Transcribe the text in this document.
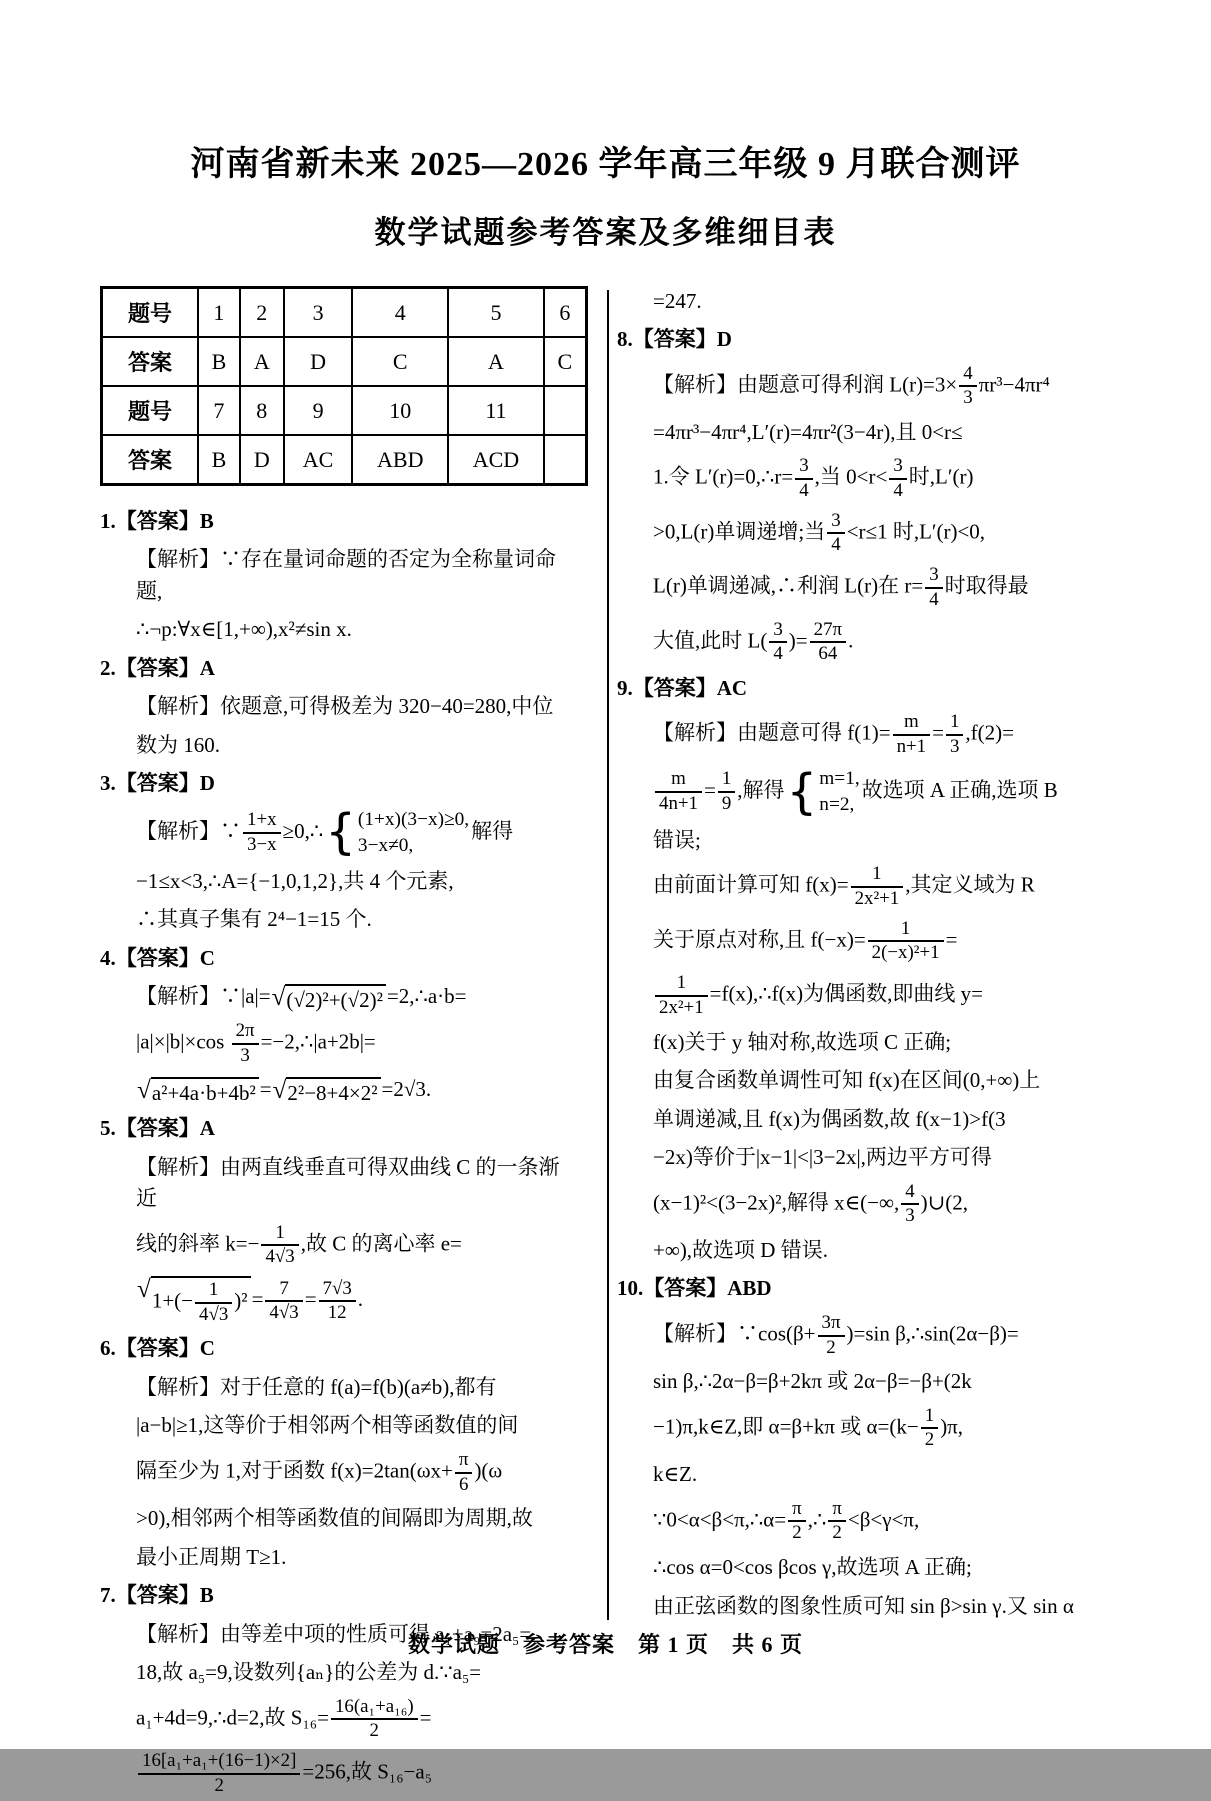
河南省新未来 2025—2026 学年高三年级 9 月联合测评
数学试题参考答案及多维细目表
题号	1	2	3	4	5	6
答案	B	A	D	C	A	C
题号	7	8	9	10	11	
答案	B	D	AC	ABD	ACD	
1.【答案】B
【解析】∵存在量词命题的否定为全称量词命题,
∴¬p:∀x∈[1,+∞),x²≠sin x.
2.【答案】A
【解析】依题意,可得极差为 320−40=280,中位
数为 160.
3.【答案】D
【解析】∵ $\frac{1+x}{3-x}$ ≥0,∴ { (1+x)(3−x)≥0,
3−x≠0,
解得
−1≤x<3,∴A={−1,0,1,2},共 4 个元素,
∴其真子集有 2⁴−1=15 个.
4.【答案】C
【解析】∵|a|= √ (√2)²+(√2)² =2,∴a·b=
$|a|\times|b|\times\cos \frac{2\pi}{3}$ =−2,∴|a+2b|=
√ a²+4a·b+4b² = √ 2²−8+4×2² =2√3.
5.【答案】A
【解析】由两直线垂直可得双曲线 C 的一条渐近
线的斜率 $k=- \frac{1}{4√3}$ ,故 C 的离心率 e=
√ $1+(- \frac{1}{4√3} )^2 = \frac{7}{4√3} = \frac{7√3}{12}$ .
6.【答案】C
【解析】对于任意的 f(a)=f(b)(a≠b),都有
|a−b|≥1,这等价于相邻两个相等函数值的间
隔至少为 1,对于函数 $f(x)=2\tan(\omega x+ \frac{\pi}{6} )(\omega$
>0),相邻两个相等函数值的间隔即为周期,故
最小正周期 T≥1.
7.【答案】B
【解析】由等差中项的性质可得 a₁+a₉=2a₅=
18,故 a₅=9,设数列{aₙ}的公差为 d.∵a₅=
a₁+4d=9,∴d=2,故 $S_{16}= \frac{\text{16(a₁+a₁₆)}}{2}$ =
$\frac{\text{16[a₁+a₁+(16−1)×2]}}{2} =256$,故 S₁₆−a₅
=247.
8.【答案】D
【解析】由题意可得利润 $L(r)=3\times \frac{4}{3} \pi r^3-4\pi r^4$
=4πr³−4πr⁴,L′(r)=4πr²(3−4r),且 0<r≤
1.令 L′(r)=0,∴r= $\frac{3}{4}$ ,当 $0<r< \frac{3}{4}$ 时,L′(r)
>0,L(r)单调递增;当 $\frac{3}{4} <r\le 1$ 时,L′(r)<0,
L(r)单调递减,∴利润 L(r)在 $r= \frac{3}{4}$ 时取得最
大值,此时 $L( \frac{3}{4}$ )= $\frac{27\pi}{64}$ .
9.【答案】AC
【解析】由题意可得 $f(1)= \frac{m}{n+1} = \frac{1}{3} ,f(2)=$
$\frac{m}{4n+1} = \frac{1}{9}$ ,解得 { m=1,
n=2,
故选项 A 正确,选项 B
错误;
由前面计算可知 $f(x)= \frac{1}{\text{2x²+1}}$ ,其定义域为 R
关于原点对称,且 $f(-x)= \frac{1}{\text{2(−x)²+1}}$ =
$\frac{1}{\text{2x²+1}}$ =f(x),∴f(x)为偶函数,即曲线 y=
f(x)关于 y 轴对称,故选项 C 正确;
由复合函数单调性可知 f(x)在区间(0,+∞)上
单调递减,且 f(x)为偶函数,故 f(x−1)>f(3
−2x)等价于|x−1|<|3−2x|,两边平方可得
(x−1)²<(3−2x)²,解得 x∈(−∞, $\frac{4}{3}$ )∪(2,
+∞),故选项 D 错误.
10.【答案】ABD
【解析】∵cos(β+ $\frac{3\pi}{2} )=\sin$ β,∴sin(2α−β)=
sin β,∴2α−β=β+2kπ 或 2α−β=−β+(2k
−1)π,k∈Z,即 α=β+kπ 或 $\alpha=(k- \frac{1}{2} )\pi$,
k∈Z.
∵0<α<β<π,∴α= $\frac{\pi}{2}$ ,∴ $\frac{\pi}{2} <\beta<\gamma<\pi$,
∴cos α=0<cos βcos γ,故选项 A 正确;
由正弦函数的图象性质可知 sin β>sin γ.又 sin α
数学试题　参考答案　第 1 页　共 6 页
